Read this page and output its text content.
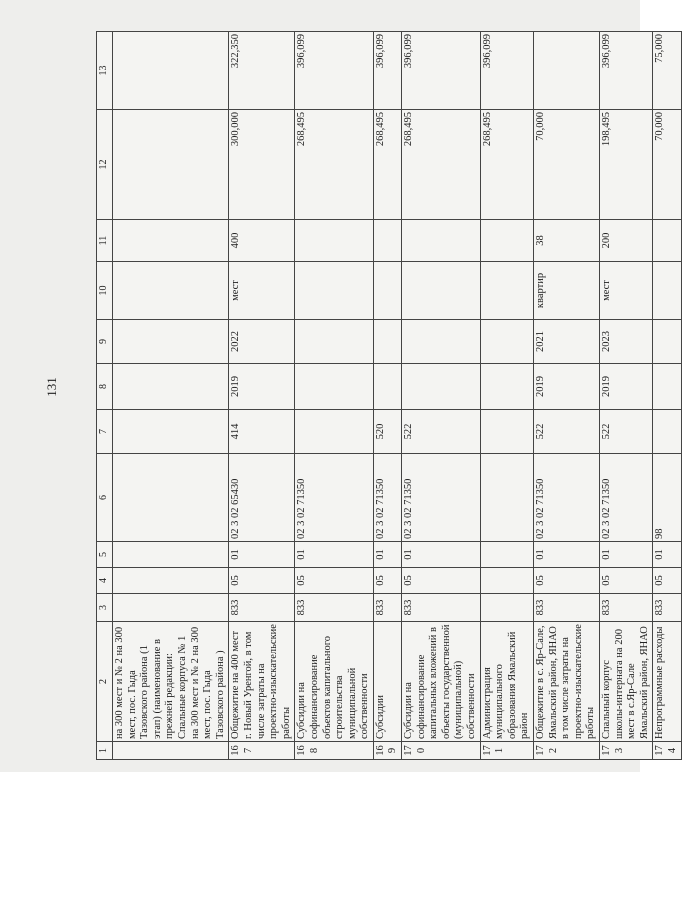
131
1	2	3	4	5	6	7	8	9	10	11	12	13
	на 300 мест и № 2 на 300 мест, пос. Гыда Тазовского района (1 этап) (наименование в прежней редакции: Спальные корпуса № 1 на 300 мест и № 2 на 300 мест, пос. Гыда Тазовского района )											
167	Общежитие на 400 мест г. Новый Уренгой, в том числе затраты на проектно-изыскательские работы	833	05	01	02 3 02 65430	414	2019	2022	мест	400	300,000	322,350
168	Субсидии на софинансирование объектов капитального строительства муниципальной собственности	833	05	01	02 3 02 71350						268,495	396,099
169	Субсидии	833	05	01	02 3 02 71350	520					268,495	396,099
170	Субсидии на софинансирование капитальных вложений в объекты государственной (муниципальной) собственности	833	05	01	02 3 02 71350	522					268,495	396,099
171	Администрация муниципального образования Ямальский район										268,495	396,099
172	Общежитие в с. Яр-Сале, Ямальский район, ЯНАО в том числе затраты на проектно-изыскательские работы	833	05	01	02 3 02 71350	522	2019	2021	квартир	38	70,000	
173	Спальный корпус школы-интерната на 200 мест в с.Яр-Сале Ямальский район, ЯНАО	833	05	01	02 3 02 71350	522	2019	2023	мест	200	198,495	396,099
174	Непрограммные расходы	833	05	01	98						70,000	75,000
